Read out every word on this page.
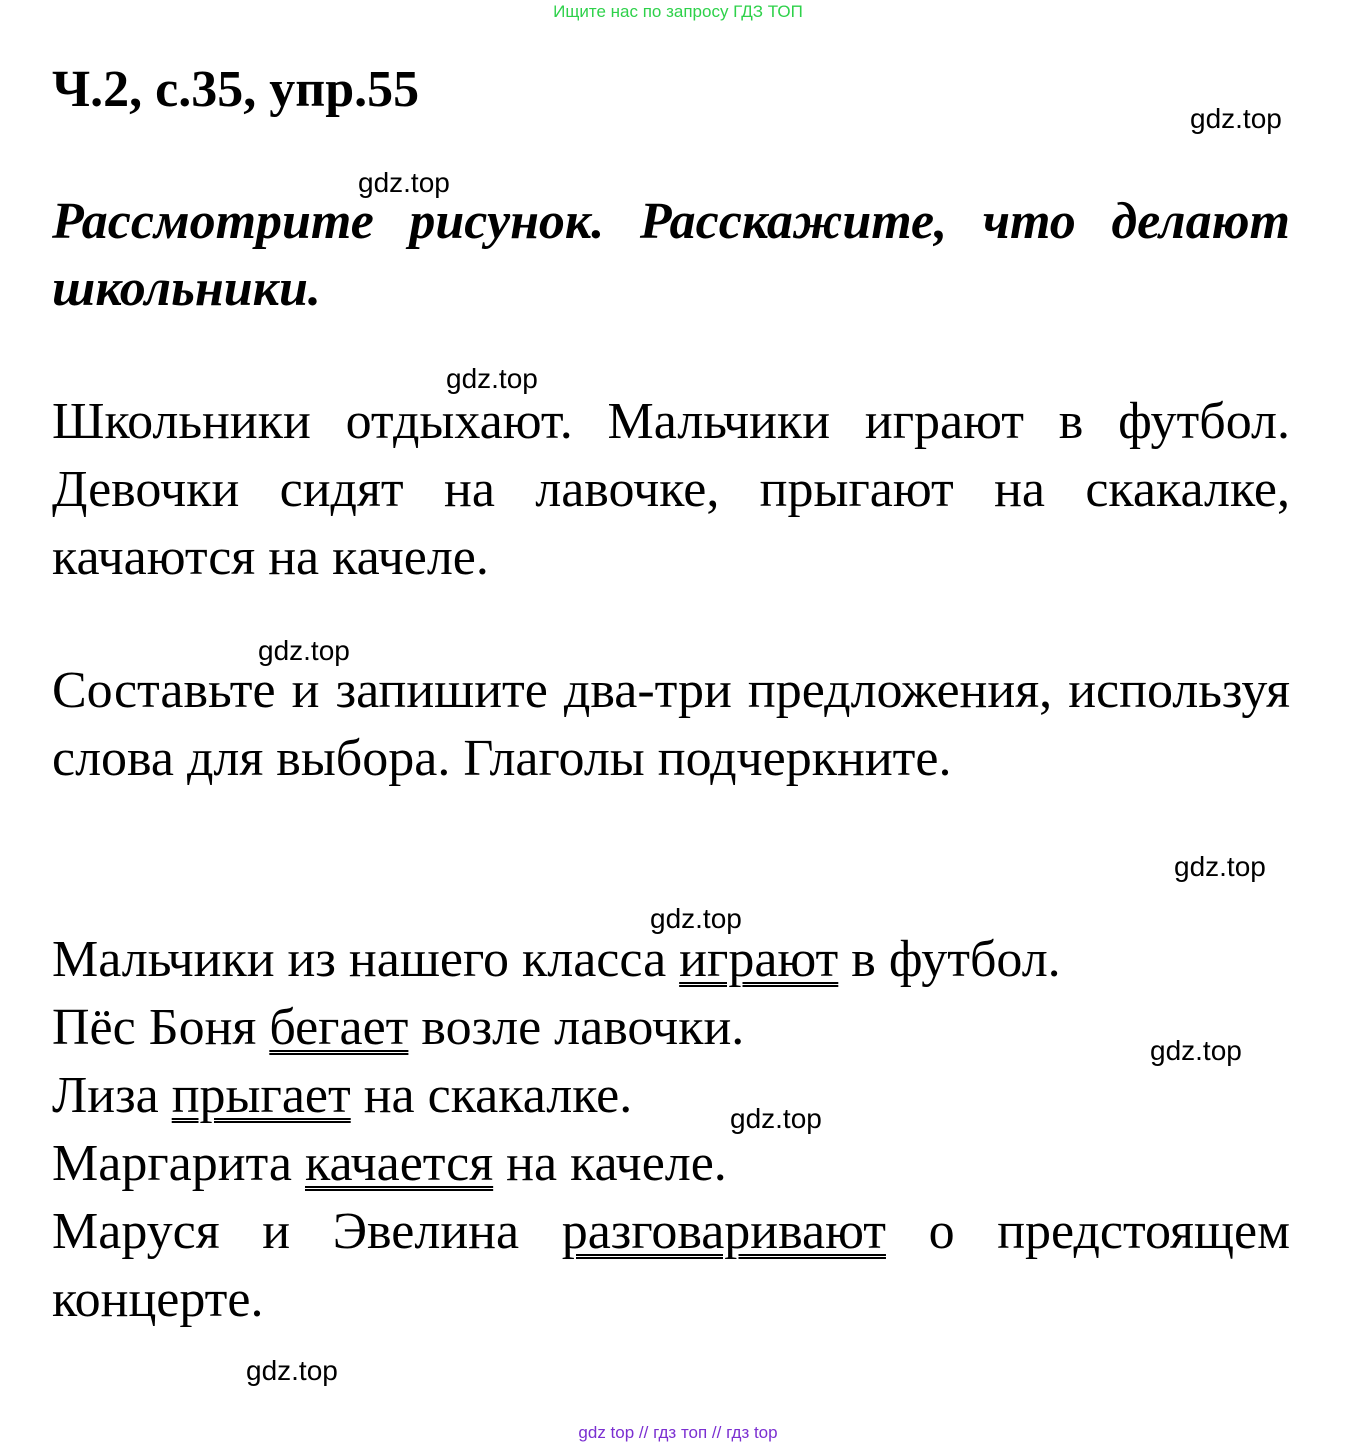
Ищите нас по запросу ГДЗ ТОП
Ч.2, с.35, упр.55

Рассмотрите рисунок. Расскажите, что делают школьники.

Школьники отдыхают. Мальчики играют в футбол. Девочки сидят на лавочке, прыгают на скакалке, качаются на качеле.

Составьте и запишите два-три предложения, используя слова для выбора. Глаголы подчеркните.

Мальчики из нашего класса играют в футбол.

Пёс Боня бегает возле лавочки.

Лиза прыгает на скакалке.

Маргарита качается на качеле.

Маруся и Эвелина разговаривают о предстоящем

концерте.

gdz.top
gdz.top
gdz.top
gdz.top
gdz.top
gdz.top
gdz.top
gdz.top
gdz.top
gdz top // гдз топ // гдз top
